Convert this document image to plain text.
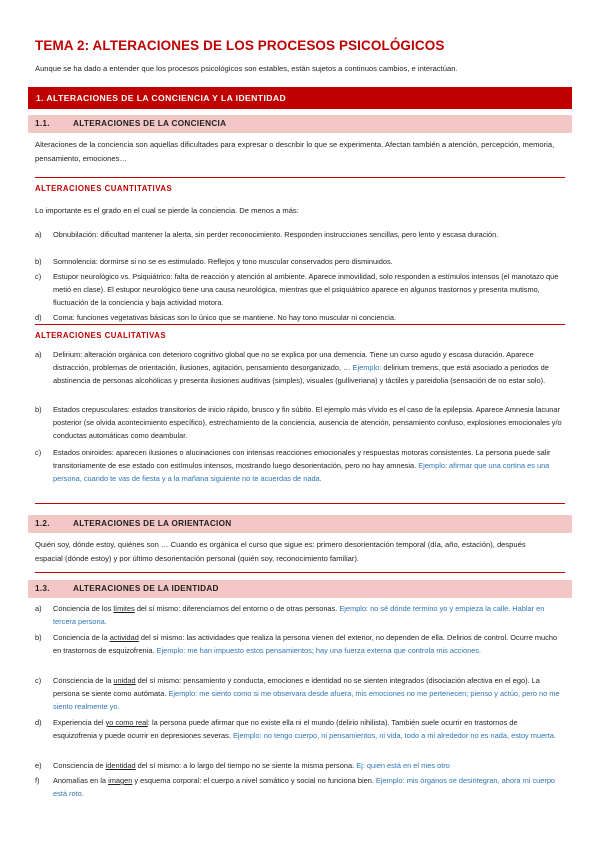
TEMA 2: ALTERACIONES DE LOS PROCESOS PSICOLÓGICOS
Aunque se ha dado a entender que los procesos psicológicos son estables, están sujetos a continuos cambios, e interactúan.
1. ALTERACIONES DE LA CONCIENCIA Y LA IDENTIDAD
1.1.	ALTERACIONES DE LA CONCIENCIA
Alteraciones de la conciencia son aquellas dificultades para expresar o describir lo que se experimenta. Afectan también a atención, percepción, memoria, pensamiento, emociones…
ALTERACIONES CUANTITATIVAS
Lo importante es el grado en el cual se pierde la conciencia. De menos a más:
a) Obnubilación: dificultad mantener la alerta, sin perder reconocimiento. Responden instrucciones sencillas, pero lento y escasa duración.
b) Somnolencia: dormirse si no se es estimulado. Reflejos y tono muscular conservados pero disminuidos.
c) Estupor neurológico vs. Psiquiátrico: falta de reacción y atención al ambiente. Aparece inmovilidad, solo responden a estímulos intensos (el manotazo que metió en clase). El estupor neurológico tiene una causa neurológica, mientras que el psiquiátrico aparece en algunos trastornos y presenta mutismo, fluctuación de la conciencia y baja actividad motora.
d) Coma: funciones vegetativas básicas son lo único que se mantiene. No hay tono muscular ni conciencia.
ALTERACIONES CUALITATIVAS
a) Delirium: alteración orgánica con deterioro cognitivo global que no se explica por una demencia. Tiene un curso agudo y escasa duración. Aparece distracción, problemas de orientación, ilusiones, agitación, pensamiento desorganizado, … Ejemplo: delirium tremens, que está asociado a periodos de abstinencia de personas alcohólicas y presenta ilusiones auditivas (simples), visuales (gulliveriana) y táctiles y pareidolia (sensación de no estar solo).
b) Estados crepusculares: estados transitorios de inicio rápido, brusco y fin súbito. El ejemplo más vívido es el caso de la epilepsia. Aparece Amnesia lacunar posterior (se olvida acontecimiento específico), estrechamiento de la conciencia, ausencia de atención, pensamiento confuso, explosiones emocionales y/o conductas automáticas como deambular.
c) Estados oniroides: aparecen ilusiones o alucinaciones con intensas reacciones emocionales y respuestas motoras consistentes. La persona puede salir transitoriamente de ese estado con estímulos intensos, mostrando luego desorientación, pero no hay amnesia. Ejemplo: afirmar que una cortina es una persona, cuando te vas de fiesta y a la mañana siguiente no te acuerdas de nada.
1.2.	ALTERACIONES DE LA ORIENTACION
Quién soy, dónde estoy, quiénes son … Cuando es orgánica el curso que sigue es: primero desorientación temporal (día, año, estación), después espacial (dónde estoy) y por último desorientación personal (quién soy, reconocimiento familiar).
1.3.	ALTERACIONES DE LA IDENTIDAD
a) Conciencia de los límites del sí mismo: diferenciarnos del entorno o de otras personas. Ejemplo: no sé dónde termino yo y empieza la calle. Hablar en tercera persona.
b) Conciencia de la actividad del sí mismo: las actividades que realiza la persona vienen del exterior, no dependen de ella. Delirios de control. Ocurre mucho en trastornos de esquizofrenia. Ejemplo: me han impuesto estos pensamientos; hay una fuerza externa que controla mis acciones.
c) Consciencia de la unidad del sí mismo: pensamiento y conducta, emociones e identidad no se sienten integrados (disociación afectiva en el ego). La persona se siente como autómata. Ejemplo: me siento como si me observara desde afuera, mis emociones no me pertenecen; pienso y actúo, pero no me siento realmente yo.
d) Experiencia del yo como real: la persona puede afirmar que no existe ella ni el mundo (delirio nihilista). También suele ocurrir en trastornos de esquizofrenia y puede ocurrir en depresiones severas. Ejemplo: no tengo cuerpo, ni pensamientos, ni vida, todo a mi alrededor no es nada, estoy muerta.
e) Consciencia de identidad del sí mismo: a lo largo del tiempo no se siente la misma persona. Ej: quien está en el mes otro
f) Anomalías en la imagen y esquema corporal: el cuerpo a nivel somático y social no funciona bien. Ejemplo: mis órganos se desintegran, ahora mi cuerpo está roto.
